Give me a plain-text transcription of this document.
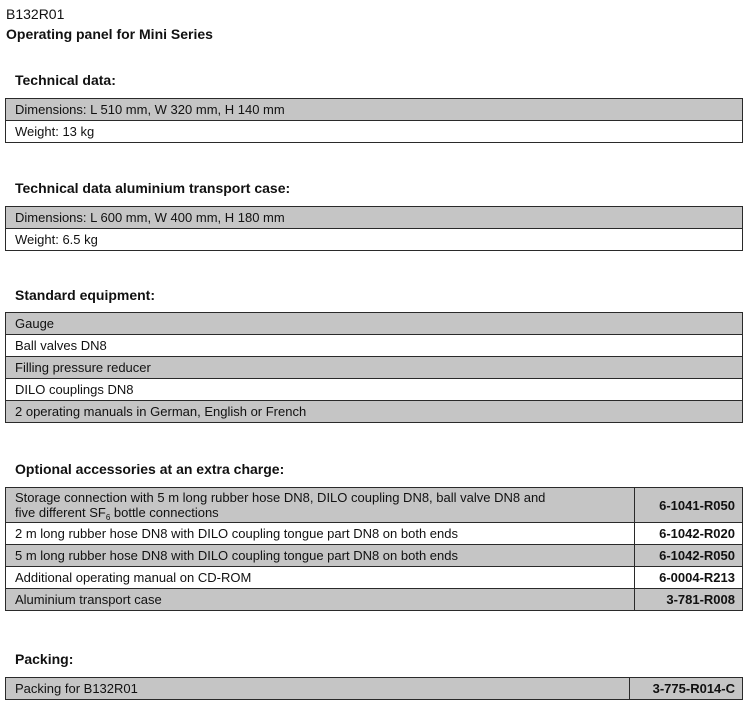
B132R01
Operating panel for Mini Series
Technical data:
Dimensions: L 510 mm, W 320 mm, H 140 mm
Weight: 13 kg
Technical data aluminium transport case:
Dimensions: L 600 mm, W 400 mm, H 180 mm
Weight: 6.5 kg
Standard equipment:
Gauge
Ball valves DN8
Filling pressure reducer
DILO couplings DN8
2 operating manuals in German, English or French
Optional accessories at an extra charge:
Storage connection with 5 m long rubber hose DN8, DILO coupling DN8, ball valve DN8 and
five different $SF_6$ bottle connections	6-1041-R050
2 m long rubber hose DN8 with DILO coupling tongue part DN8 on both ends	6-1042-R020
5 m long rubber hose DN8 with DILO coupling tongue part DN8 on both ends	6-1042-R050
Additional operating manual on CD-ROM	6-0004-R213
Aluminium transport case	3-781-R008
Packing:
Packing for B132R01	3-775-R014-C
